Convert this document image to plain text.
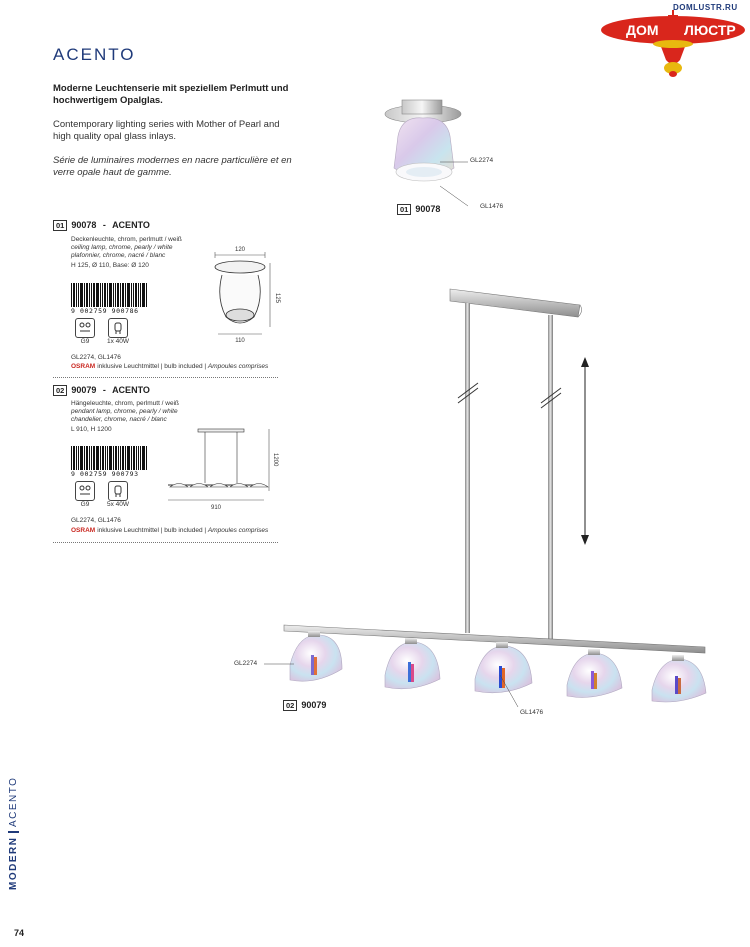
DOMLUSTR.RU
ДОМ ЛЮСТР
ACENTO
Moderne Leuchtenserie mit speziellem Perlmutt und hochwertigem Opalglas.
Contemporary lighting series with Mother of Pearl and high quality opal glass inlays.
Série de luminaires modernes en nacre particulière et en verre opale haut de gamme.
01 90078 - ACENTO
Deckenleuchte, chrom, perlmutt / weiß
ceiling lamp, chrome, pearly / white
plafonnier, chrome, nacré / blanc
H 125, Ø 110, Base: Ø 120
9 002759 900786
G9	1x 40W
GL2274, GL1476
OSRAM inklusive Leuchtmittel | bulb included | Ampoules comprises
120
125
110
02 90079 - ACENTO
Hängeleuchte, chrom, perlmutt / weiß
pendant lamp, chrome, pearly / white
chandelier, chrome, nacré / blanc
L 910, H 1200
9 002759 900793
G9	5x 40W
GL2274, GL1476
OSRAM inklusive Leuchtmittel | bulb included | Ampoules comprises
1200
910
GL2274
GL1476
01 90078
GL2274
GL1476
02 90079
MODERNACENTO
74
